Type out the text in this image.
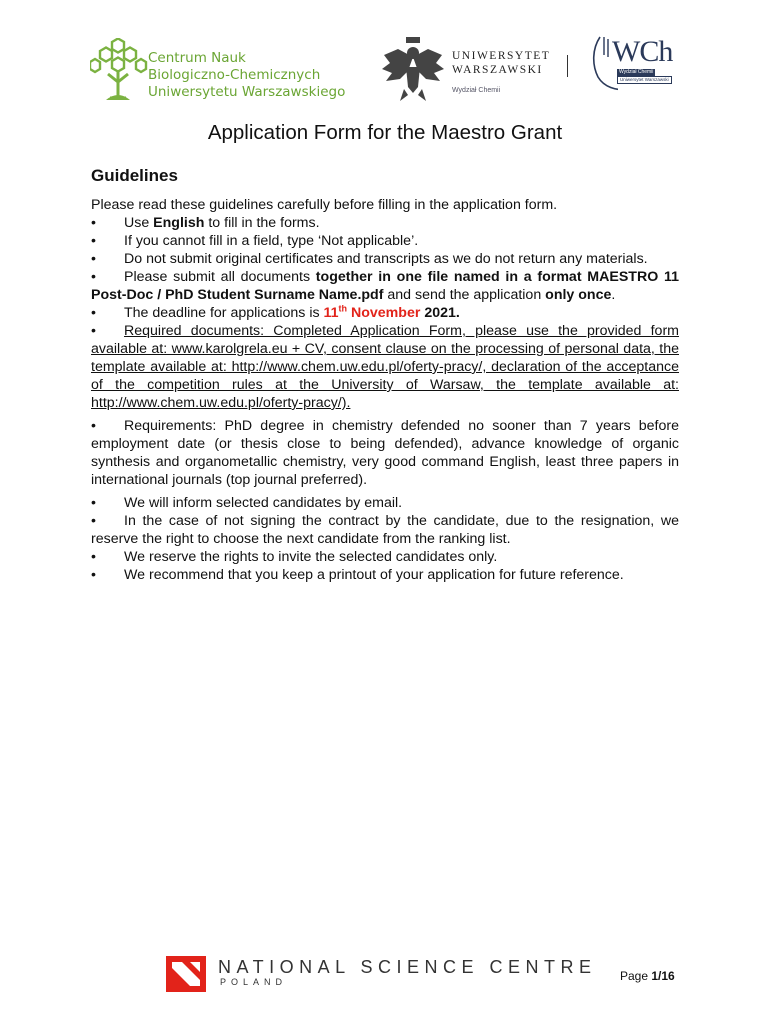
Centrum Nauk
Biologiczno-Chemicznych
Uniwersytetu Warszawskiego
UNIWERSYTET
WARSZAWSKI
Wydział Chemii
WCh
Wydział Chemii
Uniwersytet Warszawski
Application Form for the Maestro Grant
Guidelines

Please read these guidelines carefully before filling in the application form.

• Use English to fill in the forms.

• If you cannot fill in a field, type ‘Not applicable’.

• Do not submit original certificates and transcripts as we do not return any materials.

• Please submit all documents together in one file named in a format MAESTRO 11 Post-Doc / PhD Student Surname Name.pdf and send the application only once.

• The deadline for applications is 11th November 2021.

• Required documents: Completed Application Form, please use the provided form available at: www.karolgrela.eu + CV, consent clause on the processing of personal data, the template available at: http://www.chem.uw.edu.pl/oferty-pracy/, declaration of the acceptance of the competition rules at the University of Warsaw, the template available at: http://www.chem.uw.edu.pl/oferty-pracy/).

• Requirements: PhD degree in chemistry defended no sooner than 7 years before employment date (or thesis close to being defended), advance knowledge of organic synthesis and organometallic chemistry, very good command English, least three papers in international journals (top journal preferred).

• We will inform selected candidates by email.

• In the case of not signing the contract by the candidate, due to the resignation, we reserve the right to choose the next candidate from the ranking list.

• We reserve the rights to invite the selected candidates only.

• We recommend that you keep a printout of your application for future reference.

NATIONAL SCIENCE CENTRE
POLAND	Page 1/16
